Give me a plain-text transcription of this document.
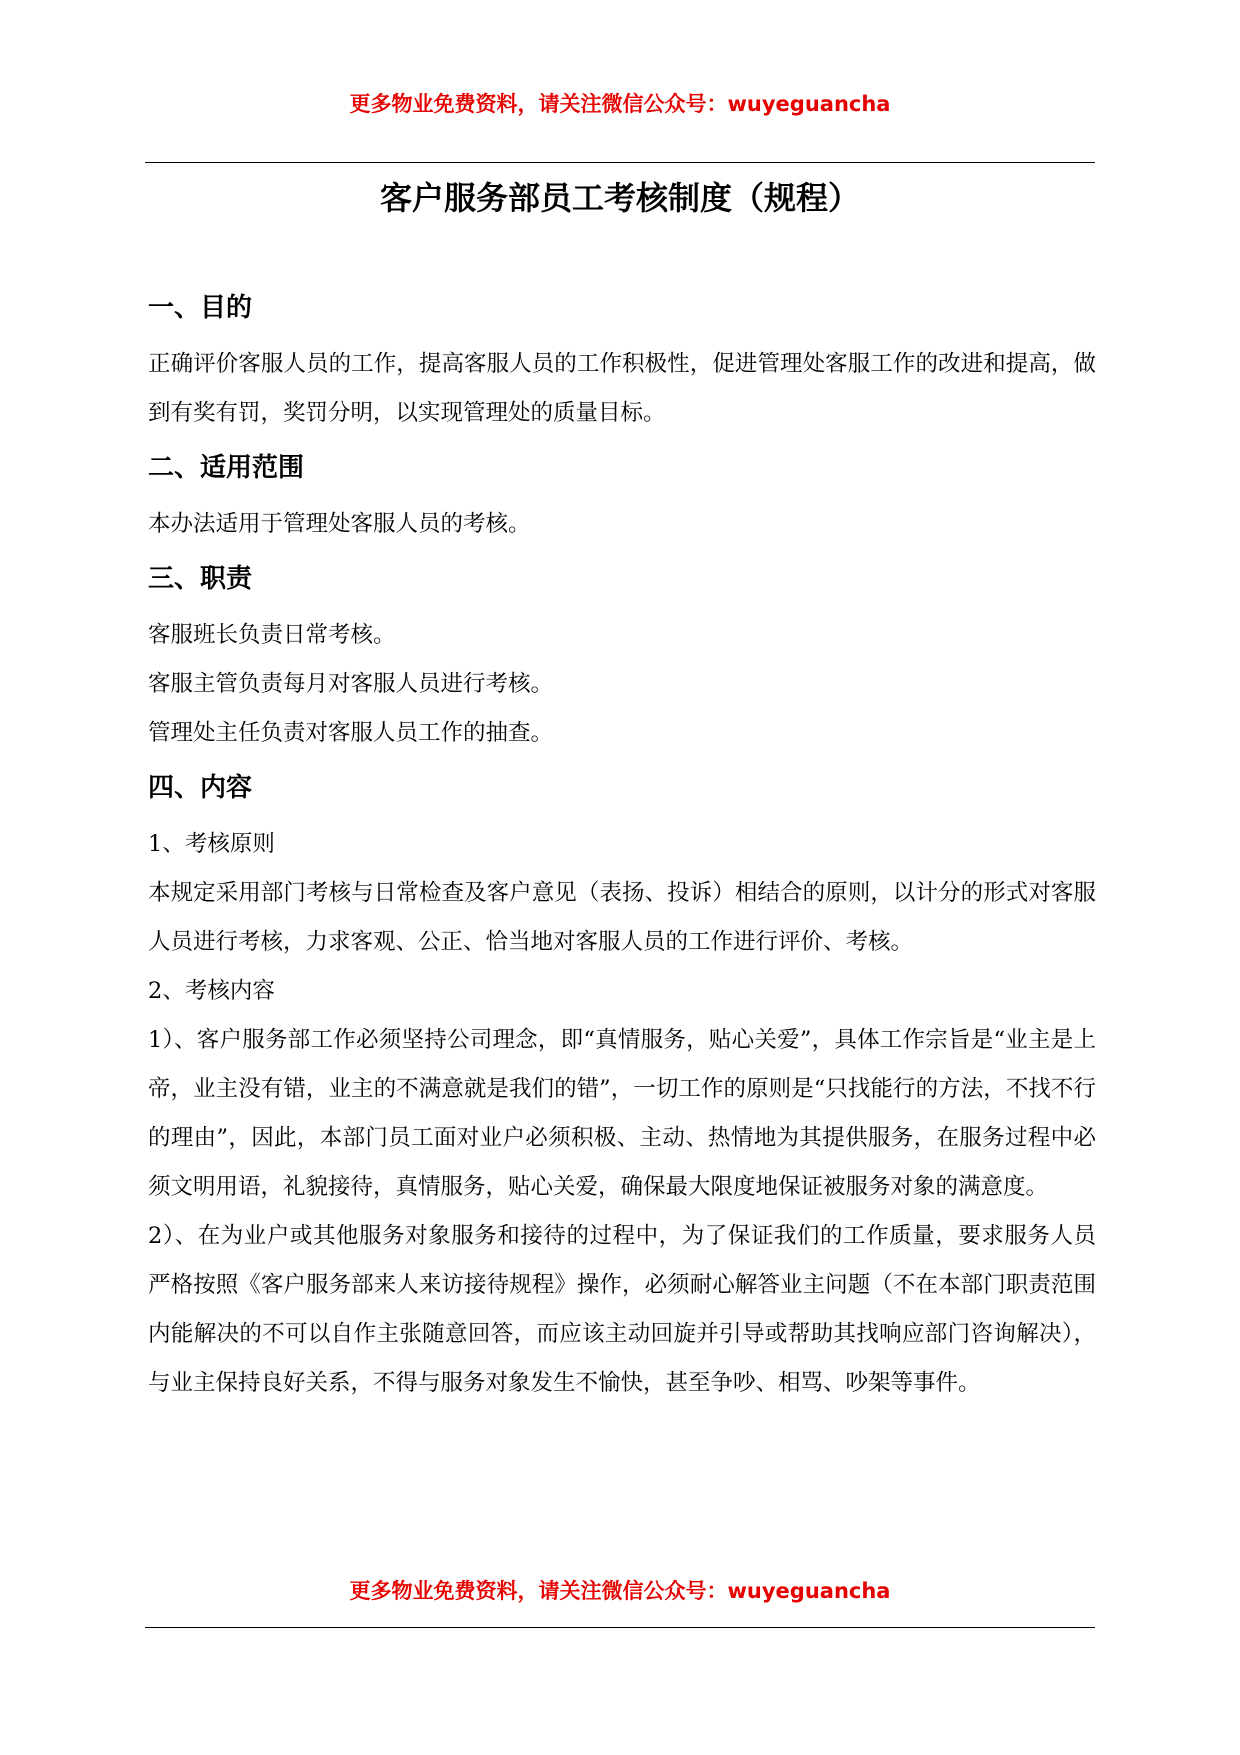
更多物业免费资料，请关注微信公众号：wuyeguancha
客户服务部员工考核制度（规程）
一、目的

正确评价客服人员的工作，提高客服人员的工作积极性，促进管理处客服工作的改进和提高，做到有奖有罚，奖罚分明，以实现管理处的质量目标。

二、适用范围

本办法适用于管理处客服人员的考核。

三、职责

客服班长负责日常考核。

客服主管负责每月对客服人员进行考核。

管理处主任负责对客服人员工作的抽查。

四、内容

1、考核原则

本规定采用部门考核与日常检查及客户意见（表扬、投诉）相结合的原则，以计分的形式对客服人员进行考核，力求客观、公正、恰当地对客服人员的工作进行评价、考核。

2、考核内容

1）、客户服务部工作必须坚持公司理念，即“真情服务，贴心关爱”，具体工作宗旨是“业主是上帝，业主没有错，业主的不满意就是我们的错”，一切工作的原则是“只找能行的方法，不找不行的理由”，因此，本部门员工面对业户必须积极、主动、热情地为其提供服务，在服务过程中必须文明用语，礼貌接待，真情服务，贴心关爱，确保最大限度地保证被服务对象的满意度。

2）、在为业户或其他服务对象服务和接待的过程中，为了保证我们的工作质量，要求服务人员严格按照《客户服务部来人来访接待规程》操作，必须耐心解答业主问题（不在本部门职责范围内能解决的不可以自作主张随意回答，而应该主动回旋并引导或帮助其找响应部门咨询解决），与业主保持良好关系，不得与服务对象发生不愉快，甚至争吵、相骂、吵架等事件。

更多物业免费资料，请关注微信公众号：wuyeguancha
